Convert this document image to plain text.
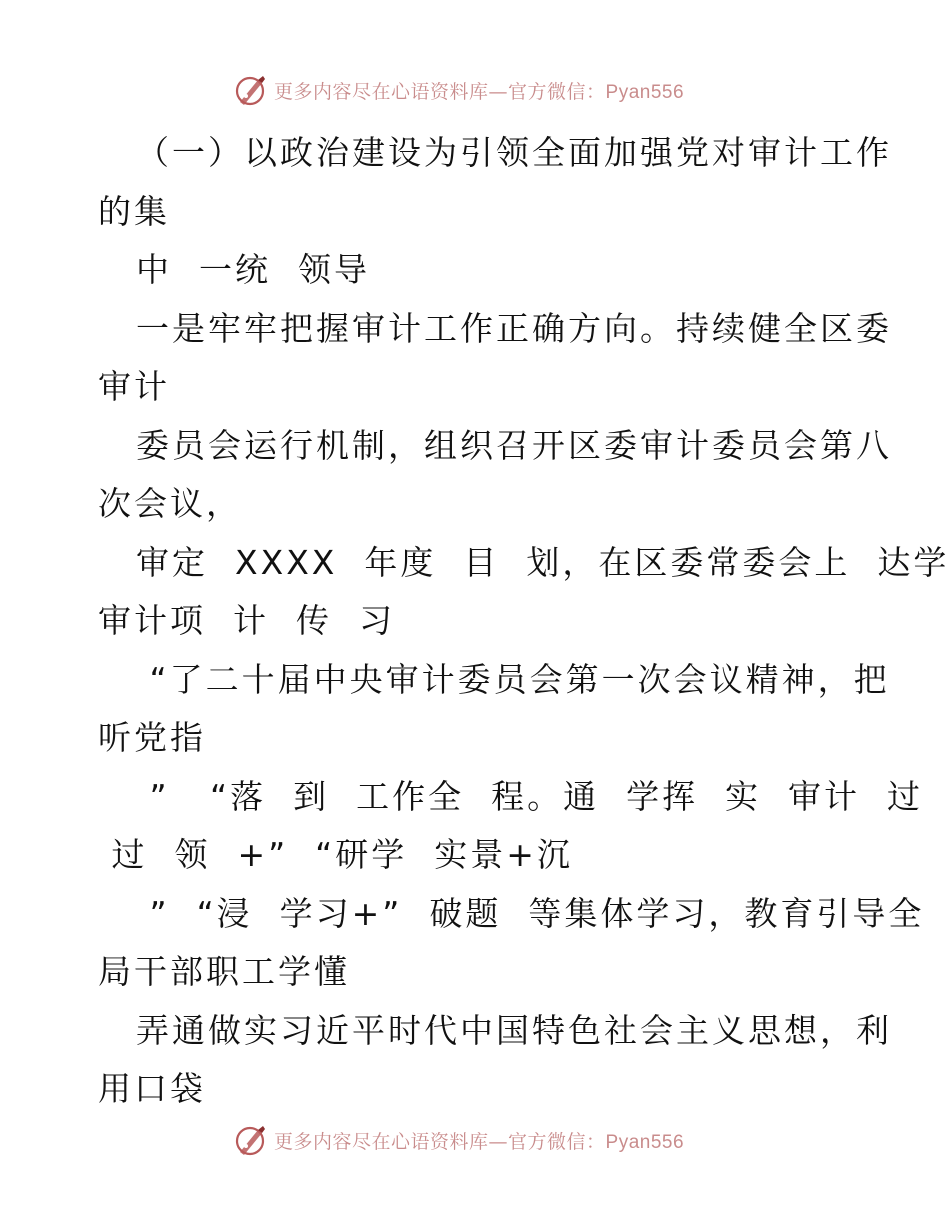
更多内容尽在心语资料库—官方微信：Pyan556
（一）以政治建设为引领全面加强党对审计工作
的集
中  一统  领导
一是牢牢把握审计工作正确方向。持续健全区委
审计
委员会运行机制，组织召开区委审计委员会第八
次会议，
审定  XXXX  年度  目  划，在区委常委会上  达学
审计项  计  传  习
“了二十届中央审计委员会第一次会议精神，把
听党指
”   “落  到  工作全  程。通  学挥  实  审计  过
过  领  +”  “研学  实景+沉
”  “浸  学习+”  破题  等集体学习，教育引导全
局干部职工学懂
弄通做实习近平时代中国特色社会主义思想，利
用口袋
更多内容尽在心语资料库—官方微信：Pyan556
